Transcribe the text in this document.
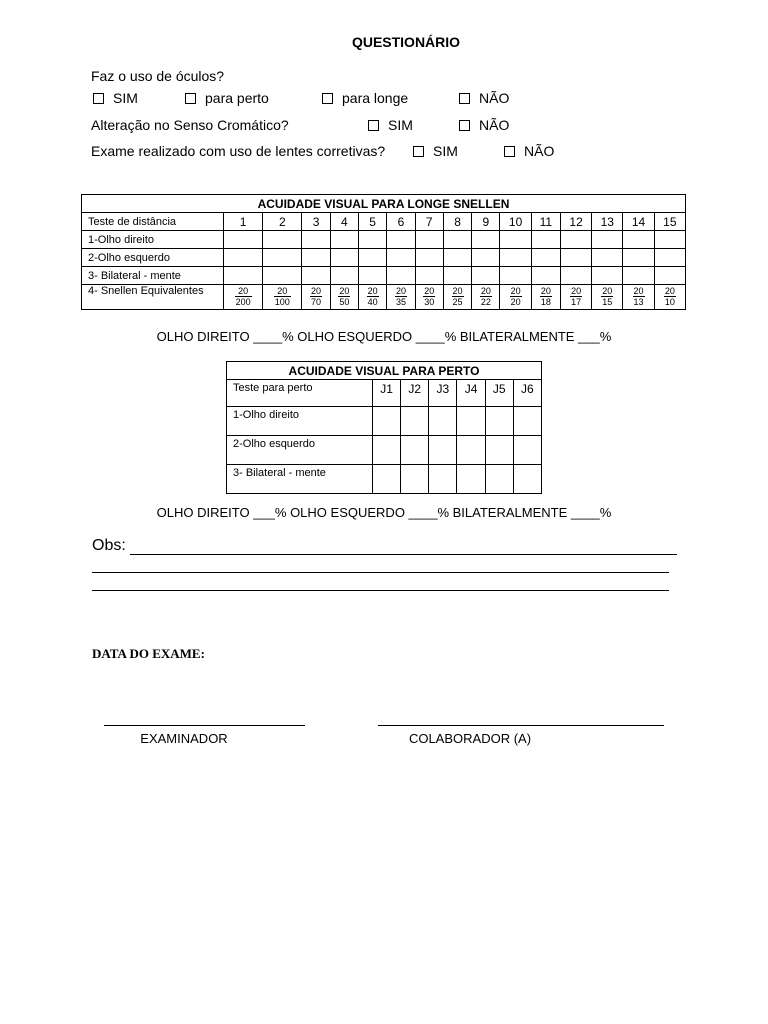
QUESTIONÁRIO
Faz o uso de óculos?
SIM	para perto	para longe	NÃO
Alteração no Senso Cromático?	SIM	NÃO
Exame realizado com uso de lentes corretivas?	SIM	NÃO
ACUIDADE VISUAL PARA LONGE SNELLEN															
Teste de distância	1	2	3	4	5	6	7	8	9	10	11	12	13	14	15
1-Olho direito															
2-Olho esquerdo															
3- Bilateral - mente															
4- Snellen Equivalentes	$\frac{20}{200}$	$\frac{20}{100}$	$\frac{20}{70}$	$\frac{20}{50}$	$\frac{20}{40}$	$\frac{20}{35}$	$\frac{20}{30}$	$\frac{20}{25}$	$\frac{20}{22}$	$\frac{20}{20}$	$\frac{20}{18}$	$\frac{20}{17}$	$\frac{20}{15}$	$\frac{20}{13}$	$\frac{20}{10}$
OLHO DIREITO ____% OLHO ESQUERDO ____% BILATERALMENTE ___%
ACUIDADE VISUAL PARA PERTO						
Teste para perto	J1	J2	J3	J4	J5	J6
1-Olho direito						
2-Olho esquerdo						
3- Bilateral - mente						
OLHO DIREITO ___% OLHO ESQUERDO ____% BILATERALMENTE ____%
Obs:
DATA DO EXAME:
EXAMINADOR	COLABORADOR (A)
